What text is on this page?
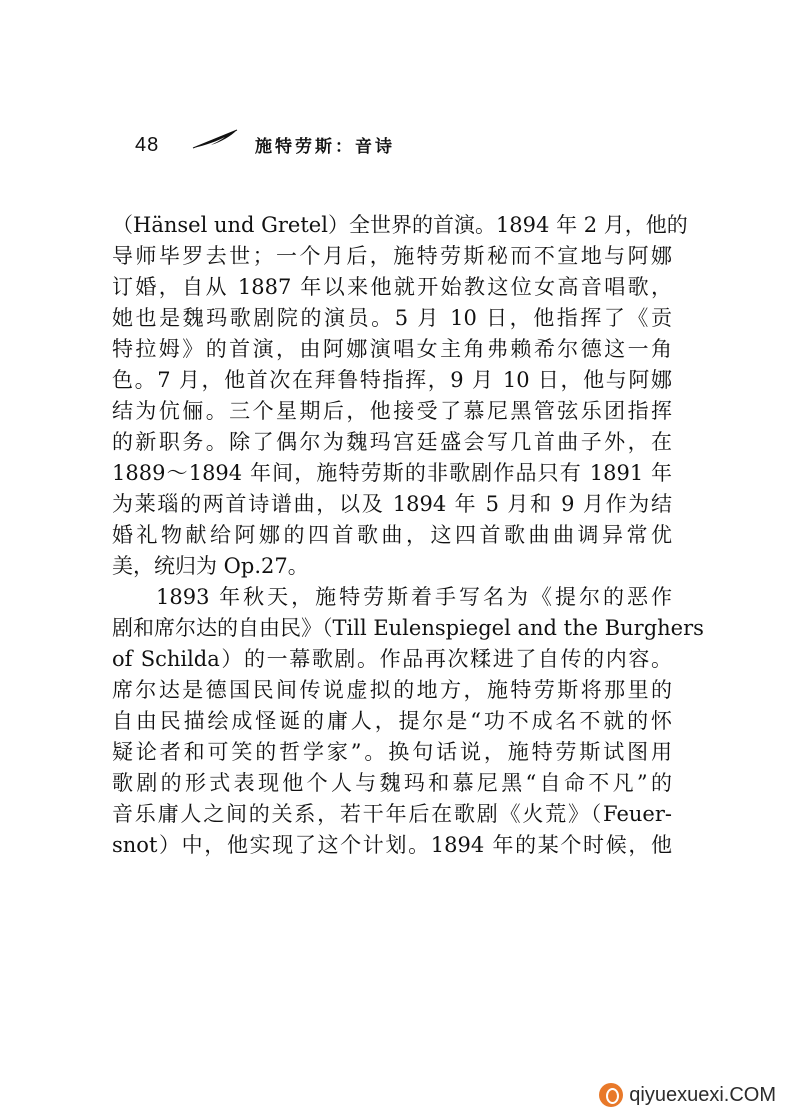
48	施特劳斯：音诗
（Hänsel und Gretel）全世界的首演。1894 年 2 月，他的
导师毕罗去世；一个月后，施特劳斯秘而不宣地与阿娜
订婚，自从 1887 年以来他就开始教这位女高音唱歌，
她也是魏玛歌剧院的演员。5 月 10 日，他指挥了《贡
特拉姆》的首演，由阿娜演唱女主角弗赖希尔德这一角
色。7 月，他首次在拜鲁特指挥，9 月 10 日，他与阿娜
结为伉俪。三个星期后，他接受了慕尼黑管弦乐团指挥
的新职务。除了偶尔为魏玛宫廷盛会写几首曲子外，在
1889～1894 年间，施特劳斯的非歌剧作品只有 1891 年
为莱瑙的两首诗谱曲，以及 1894 年 5 月和 9 月作为结
婚礼物献给阿娜的四首歌曲，这四首歌曲曲调异常优
美，统归为 Op.27。
1893 年秋天，施特劳斯着手写名为《提尔的恶作
剧和席尔达的自由民》（Till Eulenspiegel and the Burghers
of Schilda）的一幕歌剧。作品再次糅进了自传的内容。
席尔达是德国民间传说虚拟的地方，施特劳斯将那里的
自由民描绘成怪诞的庸人，提尔是“功不成名不就的怀
疑论者和可笑的哲学家”。换句话说，施特劳斯试图用
歌剧的形式表现他个人与魏玛和慕尼黑“自命不凡”的
音乐庸人之间的关系，若干年后在歌剧《火荒》（Feuer-
snot）中，他实现了这个计划。1894 年的某个时候，他
qiyuexuexi.COM
